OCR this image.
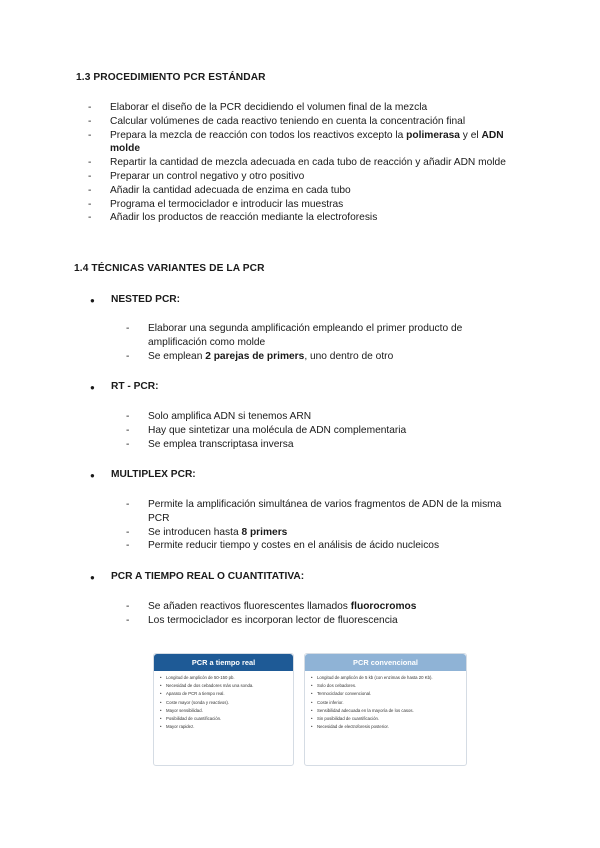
1.3 PROCEDIMIENTO PCR ESTÁNDAR
- Elaborar el diseño de la PCR decidiendo el volumen final de la mezcla
- Calcular volúmenes de cada reactivo teniendo en cuenta la concentración final
- Prepara la mezcla de reacción con todos los reactivos excepto la polimerasa y el ADN molde
- Repartir la cantidad de mezcla adecuada en cada tubo de reacción y añadir ADN molde
- Preparar un control negativo y otro positivo
- Añadir la cantidad adecuada de enzima en cada tubo
- Programa el termociclador e introducir las muestras
- Añadir los productos de reacción mediante la electroforesis
1.4 TÉCNICAS VARIANTES DE LA PCR
● NESTED PCR:
- Elaborar una segunda amplificación empleando el primer producto de amplificación como molde
- Se emplean 2 parejas de primers, uno dentro de otro
● RT - PCR:
- Solo amplifica ADN si tenemos ARN
- Hay que sintetizar una molécula de ADN complementaria
- Se emplea transcriptasa inversa
● MULTIPLEX PCR:
- Permite la amplificación simultánea de varios fragmentos de ADN de la misma PCR
- Se introducen hasta 8 primers
- Permite reducir tiempo y costes en el análisis de ácido nucleicos
● PCR A TIEMPO REAL O CUANTITATIVA:
- Se añaden reactivos fluorescentes llamados fluorocromos
- Los termociclador es incorporan lector de fluorescencia
PCR a tiempo real
• Longitud de amplicón de 50-150 pb.
• Necesidad de dos cebadores más una sonda.
• Aparato de PCR a tiempo real.
• Coste mayor (sonda y reactivos).
• Mayor sensibilidad.
• Posibilidad de cuantificación.
• Mayor rapidez.
PCR convencional
• Longitud de amplicón de 5 kb (con enzimas de hasta 20 Kb).
• Solo dos cebadores.
• Termociclador convencional.
• Coste inferior.
• Sensibilidad adecuada en la mayoría de los casos.
• Sin posibilidad de cuantificación.
• Necesidad de electroforesis posterior.
